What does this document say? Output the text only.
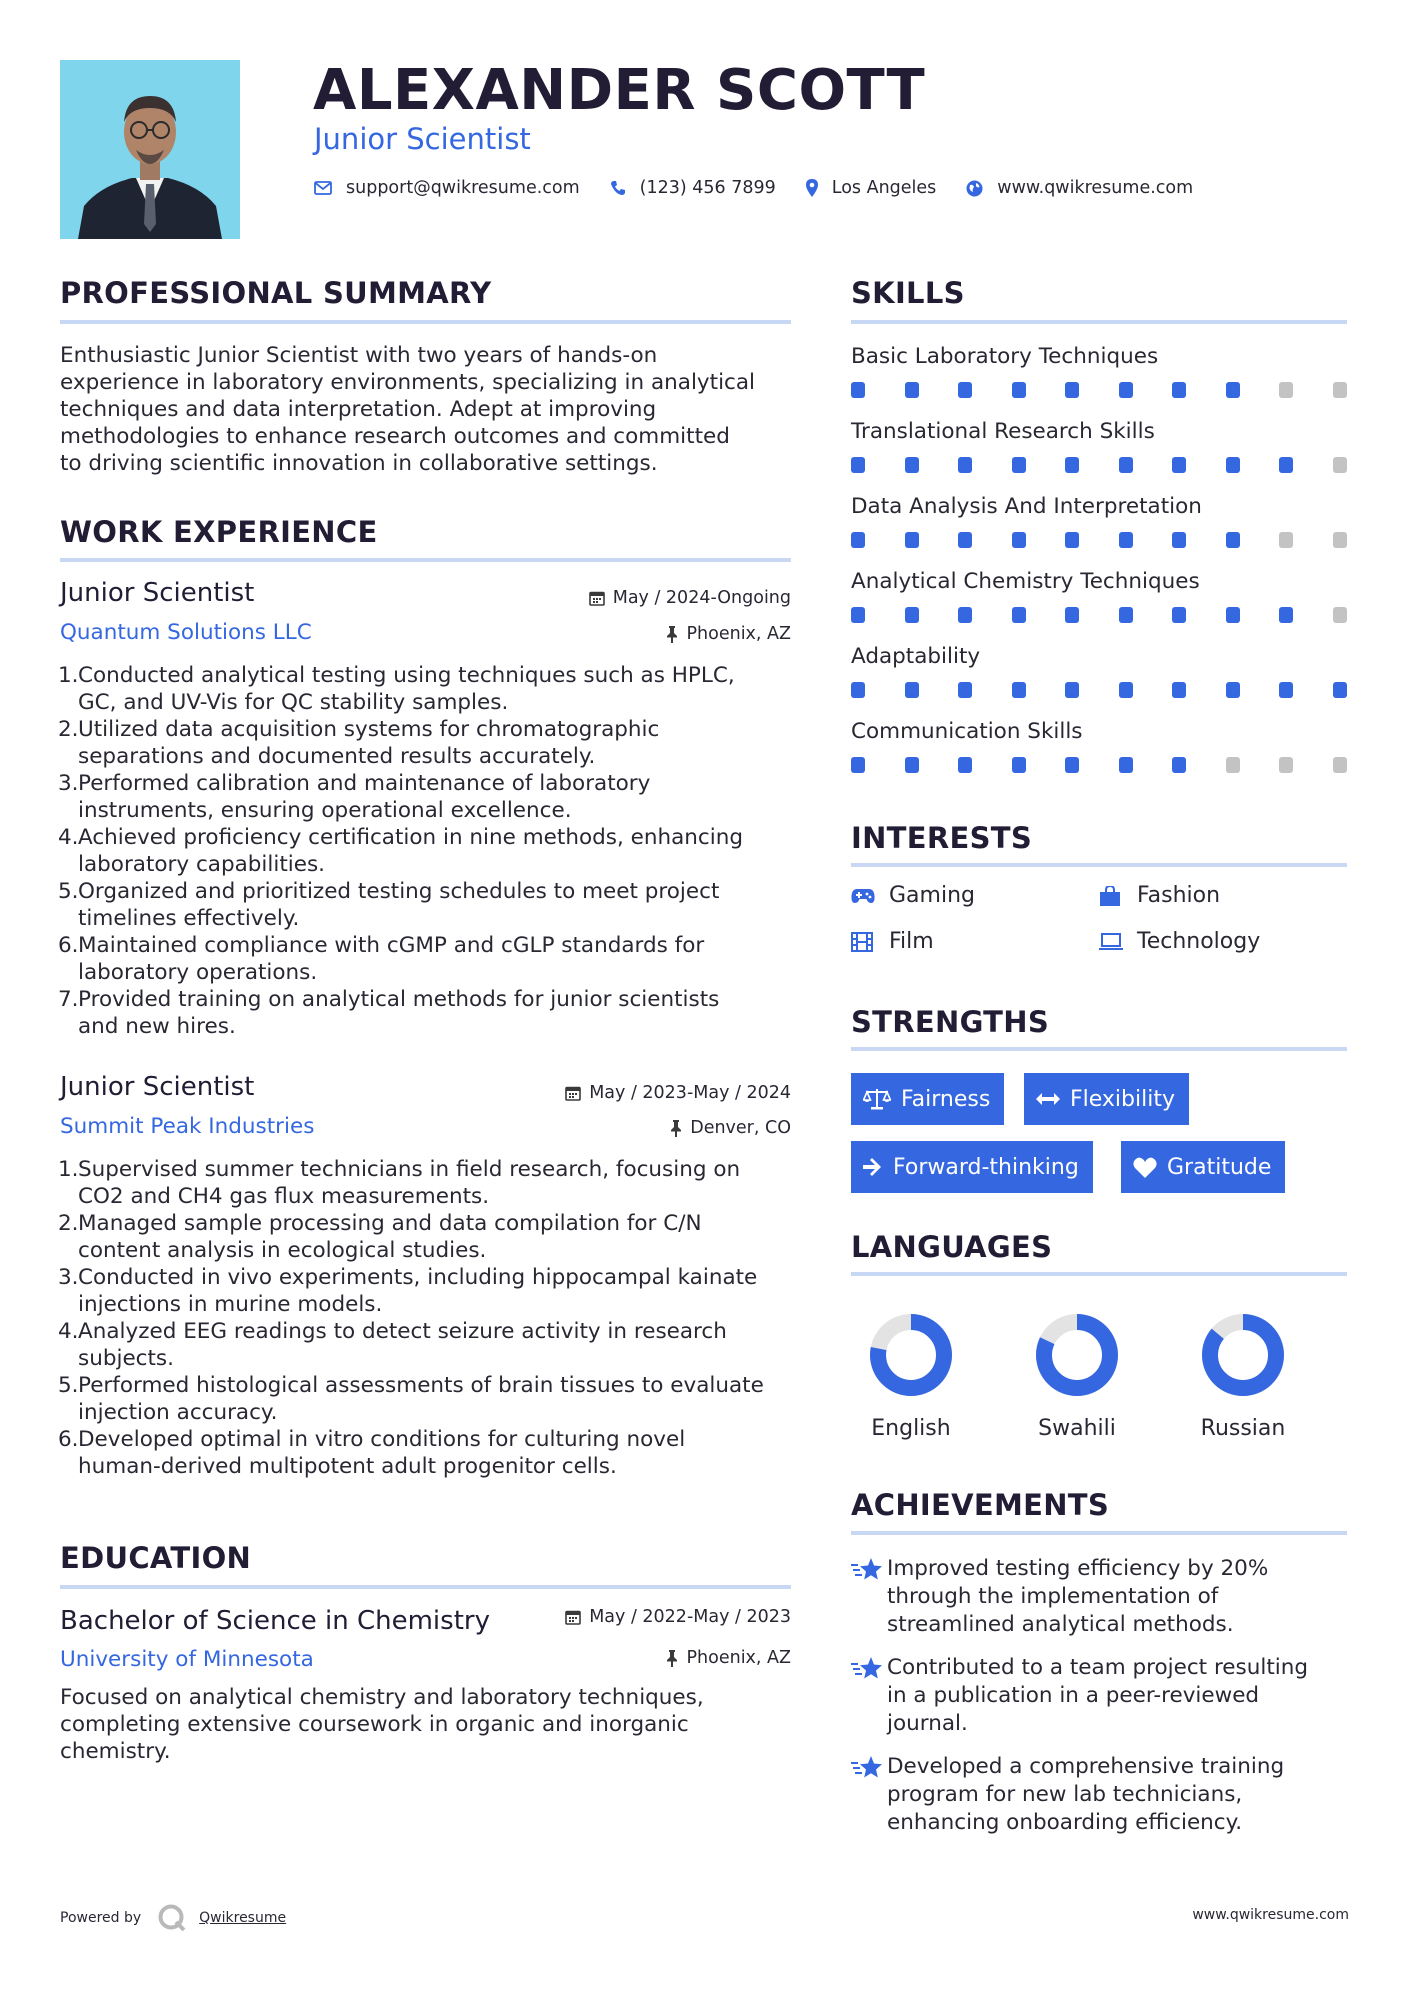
ALEXANDER SCOTT
Junior Scientist
support@qwikresume.com	(123) 456 7899	Los Angeles	www.qwikresume.com
PROFESSIONAL SUMMARY
Enthusiastic Junior Scientist with two years of hands-on
experience in laboratory environments, specializing in analytical
techniques and data interpretation. Adept at improving
methodologies to enhance research outcomes and committed
to driving scientific innovation in collaborative settings.
WORK EXPERIENCE
Junior Scientist	May / 2024-Ongoing
Quantum Solutions LLC	Phoenix, AZ
1. Conducted analytical testing using techniques such as HPLC,
GC, and UV-Vis for QC stability samples.
2. Utilized data acquisition systems for chromatographic
separations and documented results accurately.
3. Performed calibration and maintenance of laboratory
instruments, ensuring operational excellence.
4. Achieved proficiency certification in nine methods, enhancing
laboratory capabilities.
5. Organized and prioritized testing schedules to meet project
timelines effectively.
6. Maintained compliance with cGMP and cGLP standards for
laboratory operations.
7. Provided training on analytical methods for junior scientists
and new hires.
Junior Scientist	May / 2023-May / 2024
Summit Peak Industries	Denver, CO
1. Supervised summer technicians in field research, focusing on
CO2 and CH4 gas flux measurements.
2. Managed sample processing and data compilation for C/N
content analysis in ecological studies.
3. Conducted in vivo experiments, including hippocampal kainate
injections in murine models.
4. Analyzed EEG readings to detect seizure activity in research
subjects.
5. Performed histological assessments of brain tissues to evaluate
injection accuracy.
6. Developed optimal in vitro conditions for culturing novel
human-derived multipotent adult progenitor cells.
EDUCATION
Bachelor of Science in Chemistry	May / 2022-May / 2023
University of Minnesota	Phoenix, AZ
Focused on analytical chemistry and laboratory techniques,
completing extensive coursework in organic and inorganic
chemistry.
SKILLS
Basic Laboratory Techniques
Translational Research Skills
Data Analysis And Interpretation
Analytical Chemistry Techniques
Adaptability
Communication Skills
INTERESTS
Gaming	Fashion
Film	Technology
STRENGTHS
Fairness	Flexibility
Forward-thinking	Gratitude
LANGUAGES
English	Swahili	Russian
ACHIEVEMENTS
Improved testing efficiency by 20%
through the implementation of
streamlined analytical methods.
Contributed to a team project resulting
in a publication in a peer-reviewed
journal.
Developed a comprehensive training
program for new lab technicians,
enhancing onboarding efficiency.
Powered by	Qwikresume	www.qwikresume.com
